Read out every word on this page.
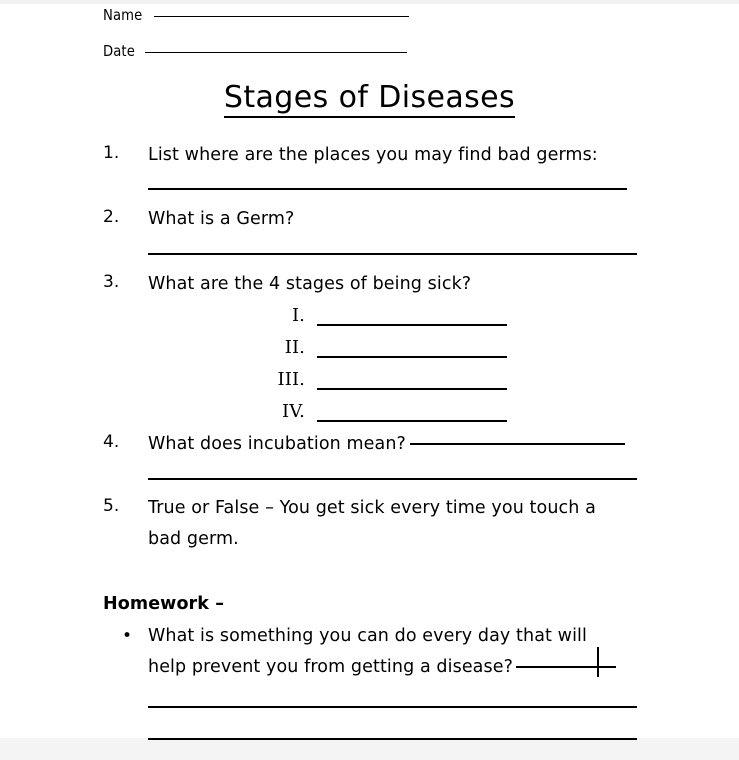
Name
Date
Stages of Diseases
1.	List where are the places you may find bad germs:
2.	What is a Germ?
3.	What are the 4 stages of being sick?
I.
II.
III.
IV.
4.	What does incubation mean?
5.	True or False – You get sick every time you touch a bad germ.
Homework –
• What is something you can do every day that will
help prevent you from getting a disease?
